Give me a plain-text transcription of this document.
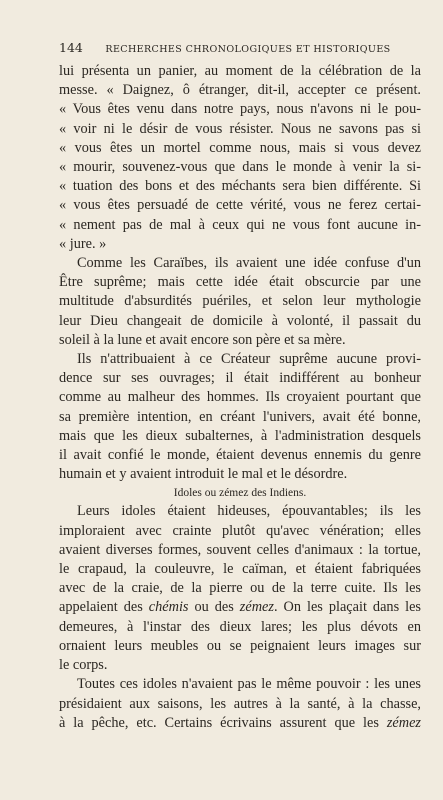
144	RECHERCHES CHRONOLOGIQUES ET HISTORIQUES
lui présenta un panier, au moment de la célébration de la
messe. « Daignez, ô étranger, dit-il, accepter ce présent.
« Vous êtes venu dans notre pays, nous n'avons ni le pou-
« voir ni le désir de vous résister. Nous ne savons pas si
« vous êtes un mortel comme nous, mais si vous devez
« mourir, souvenez-vous que dans le monde à venir la si-
« tuation des bons et des méchants sera bien différente. Si
« vous êtes persuadé de cette vérité, vous ne ferez certai-
« nement pas de mal à ceux qui ne vous font aucune in-
« jure. »
Comme les Caraïbes, ils avaient une idée confuse d'un
Être suprême; mais cette idée était obscurcie par une
multitude d'absurdités puériles, et selon leur mythologie
leur Dieu changeait de domicile à volonté, il passait du
soleil à la lune et avait encore son père et sa mère.
Ils n'attribuaient à ce Créateur suprême aucune provi-
dence sur ses ouvrages; il était indifférent au bonheur
comme au malheur des hommes. Ils croyaient pourtant que
sa première intention, en créant l'univers, avait été bonne,
mais que les dieux subalternes, à l'administration desquels
il avait confié le monde, étaient devenus ennemis du genre
humain et y avaient introduit le mal et le désordre.
Idoles ou zémez des Indiens.
Leurs idoles étaient hideuses, épouvantables; ils les
imploraient avec crainte plutôt qu'avec vénération; elles
avaient diverses formes, souvent celles d'animaux : la tortue,
le crapaud, la couleuvre, le caïman, et étaient fabriquées
avec de la craie, de la pierre ou de la terre cuite. Ils les
appelaient des chémis ou des zémez. On les plaçait dans les
demeures, à l'instar des dieux lares; les plus dévots en
ornaient leurs meubles ou se peignaient leurs images sur
le corps.
Toutes ces idoles n'avaient pas le même pouvoir : les unes
présidaient aux saisons, les autres à la santé, à la chasse,
à la pêche, etc. Certains écrivains assurent que les zémez
